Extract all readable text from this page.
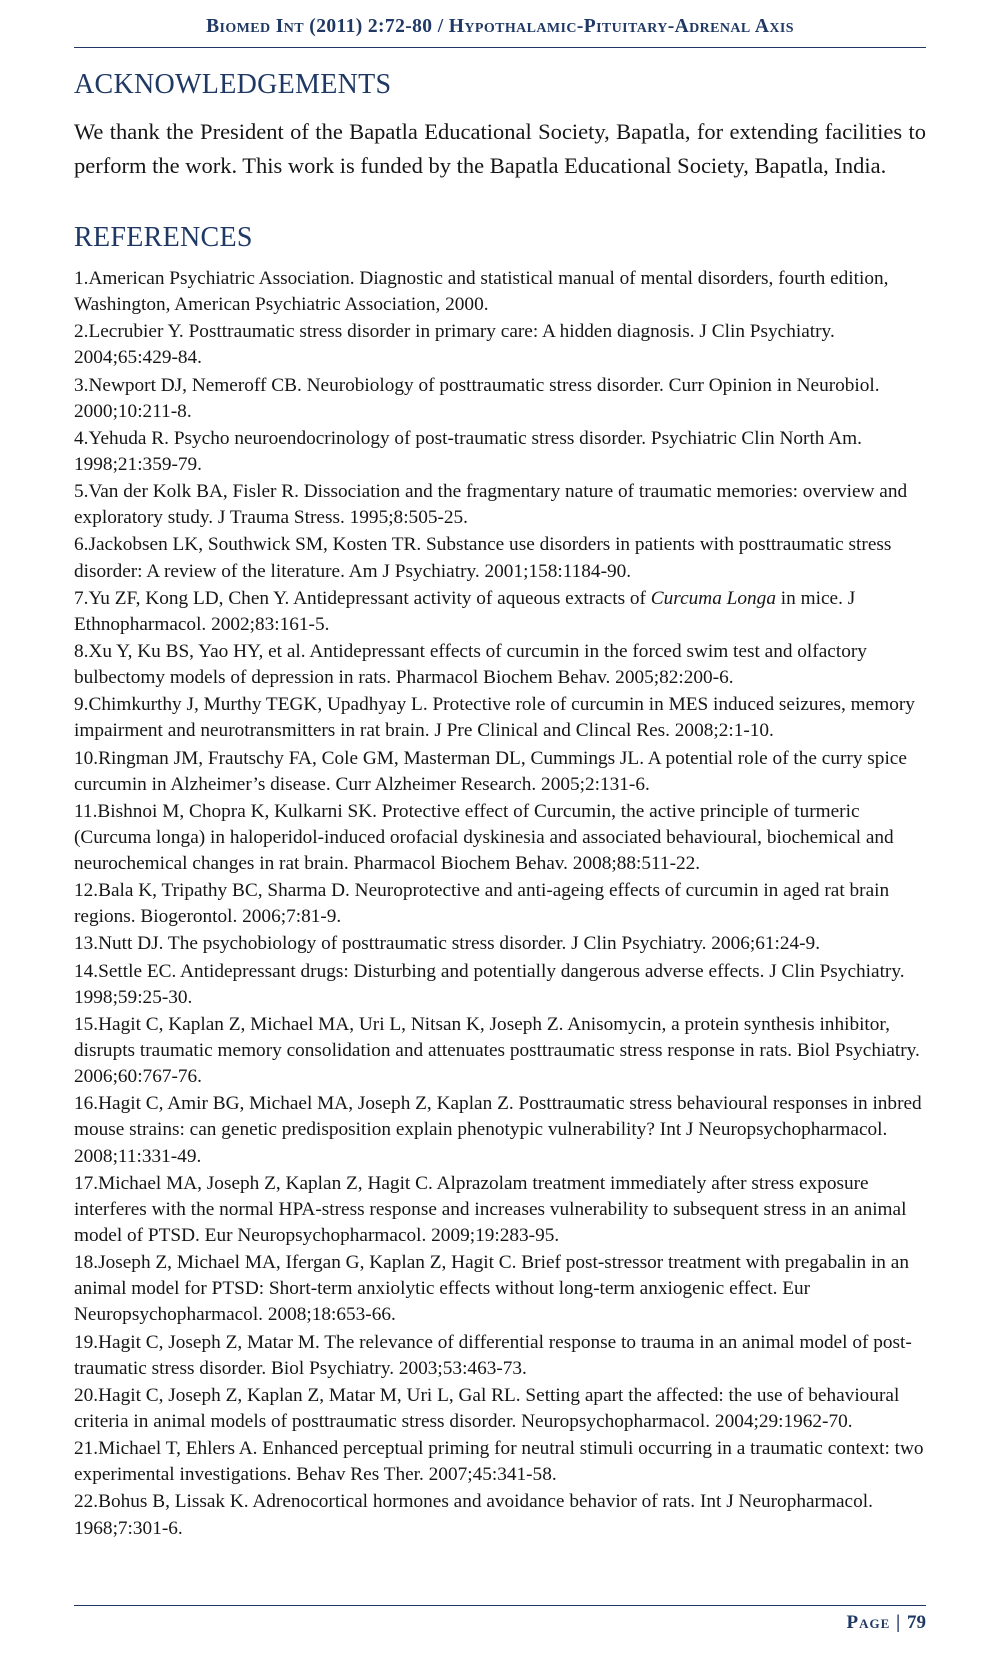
Biomed Int (2011) 2:72-80 / Hypothalamic-Pituitary-Adrenal Axis
ACKNOWLEDGEMENTS

We thank the President of the Bapatla Educational Society, Bapatla, for extending facilities to perform the work. This work is funded by the Bapatla Educational Society, Bapatla, India.

REFERENCES
1.American Psychiatric Association. Diagnostic and statistical manual of mental disorders, fourth edition, Washington, American Psychiatric Association, 2000.
2.Lecrubier Y. Posttraumatic stress disorder in primary care: A hidden diagnosis. J Clin Psychiatry. 2004;65:429-84.
3.Newport DJ, Nemeroff CB. Neurobiology of posttraumatic stress disorder. Curr Opinion in Neurobiol. 2000;10:211-8.
4.Yehuda R. Psycho neuroendocrinology of post-traumatic stress disorder. Psychiatric Clin North Am. 1998;21:359-79.
5.Van der Kolk BA, Fisler R. Dissociation and the fragmentary nature of traumatic memories: overview and exploratory study. J Trauma Stress. 1995;8:505-25.
6.Jackobsen LK, Southwick SM, Kosten TR. Substance use disorders in patients with posttraumatic stress disorder: A review of the literature. Am J Psychiatry. 2001;158:1184-90.
7.Yu ZF, Kong LD, Chen Y. Antidepressant activity of aqueous extracts of Curcuma Longa in mice. J Ethnopharmacol. 2002;83:161-5.
8.Xu Y, Ku BS, Yao HY, et al. Antidepressant effects of curcumin in the forced swim test and olfactory bulbectomy models of depression in rats. Pharmacol Biochem Behav. 2005;82:200-6.
9.Chimkurthy J, Murthy TEGK, Upadhyay L. Protective role of curcumin in MES induced seizures, memory impairment and neurotransmitters in rat brain. J Pre Clinical and Clincal Res. 2008;2:1-10.
10.Ringman JM, Frautschy FA, Cole GM, Masterman DL, Cummings JL. A potential role of the curry spice curcumin in Alzheimer’s disease. Curr Alzheimer Research. 2005;2:131-6.
11.Bishnoi M, Chopra K, Kulkarni SK. Protective effect of Curcumin, the active principle of turmeric (Curcuma longa) in haloperidol-induced orofacial dyskinesia and associated behavioural, biochemical and neurochemical changes in rat brain. Pharmacol Biochem Behav. 2008;88:511-22.
12.Bala K, Tripathy BC, Sharma D. Neuroprotective and anti-ageing effects of curcumin in aged rat brain regions. Biogerontol. 2006;7:81-9.
13.Nutt DJ. The psychobiology of posttraumatic stress disorder. J Clin Psychiatry. 2006;61:24-9.
14.Settle EC. Antidepressant drugs: Disturbing and potentially dangerous adverse effects. J Clin Psychiatry. 1998;59:25-30.
15.Hagit C, Kaplan Z, Michael MA, Uri L, Nitsan K, Joseph Z. Anisomycin, a protein synthesis inhibitor, disrupts traumatic memory consolidation and attenuates posttraumatic stress response in rats. Biol Psychiatry. 2006;60:767-76.
16.Hagit C, Amir BG, Michael MA, Joseph Z, Kaplan Z. Posttraumatic stress behavioural responses in inbred mouse strains: can genetic predisposition explain phenotypic vulnerability? Int J Neuropsychopharmacol. 2008;11:331-49.
17.Michael MA, Joseph Z, Kaplan Z, Hagit C. Alprazolam treatment immediately after stress exposure interferes with the normal HPA-stress response and increases vulnerability to subsequent stress in an animal model of PTSD. Eur Neuropsychopharmacol. 2009;19:283-95.
18.Joseph Z, Michael MA, Ifergan G, Kaplan Z, Hagit C. Brief post-stressor treatment with pregabalin in an animal model for PTSD: Short-term anxiolytic effects without long-term anxiogenic effect. Eur Neuropsychopharmacol. 2008;18:653-66.
19.Hagit C, Joseph Z, Matar M. The relevance of differential response to trauma in an animal model of post-traumatic stress disorder. Biol Psychiatry. 2003;53:463-73.
20.Hagit C, Joseph Z, Kaplan Z, Matar M, Uri L, Gal RL. Setting apart the affected: the use of behavioural criteria in animal models of posttraumatic stress disorder. Neuropsychopharmacol. 2004;29:1962-70.
21.Michael T, Ehlers A. Enhanced perceptual priming for neutral stimuli occurring in a traumatic context: two experimental investigations. Behav Res Ther. 2007;45:341-58.
22.Bohus B, Lissak K. Adrenocortical hormones and avoidance behavior of rats. Int J Neuropharmacol. 1968;7:301-6.
Page | 79
